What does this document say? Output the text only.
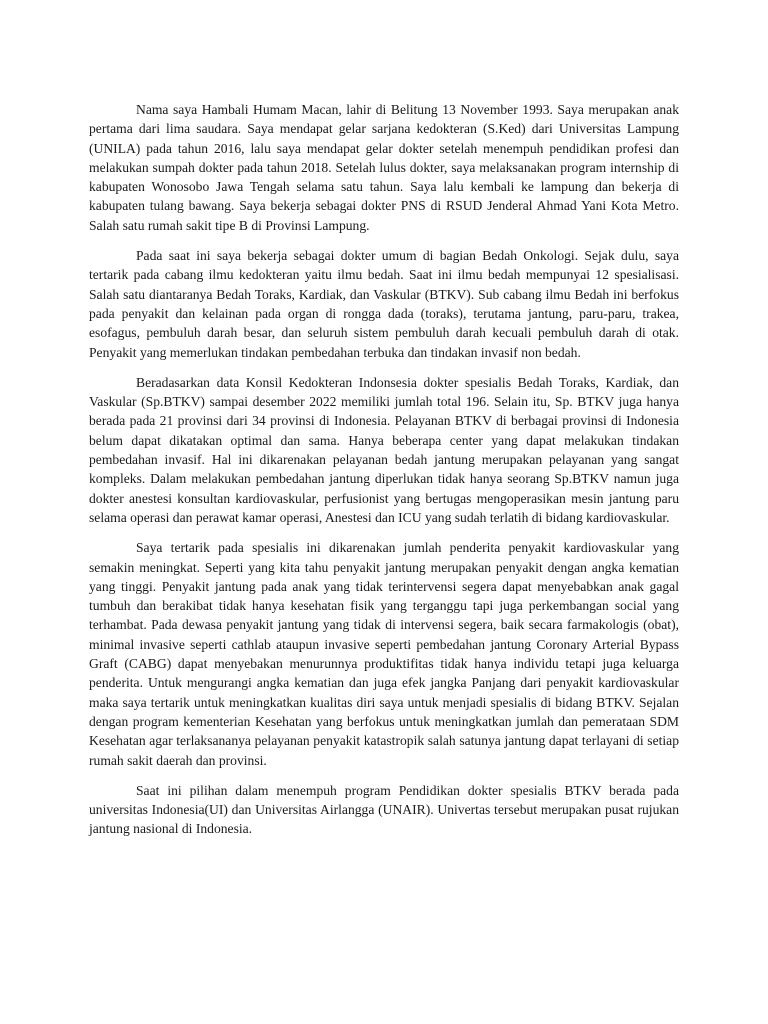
Nama saya Hambali Humam Macan, lahir di Belitung 13 November 1993. Saya merupakan anak pertama dari lima saudara. Saya mendapat gelar sarjana kedokteran (S.Ked) dari Universitas Lampung (UNILA) pada tahun 2016, lalu saya mendapat gelar dokter setelah menempuh pendidikan profesi dan melakukan sumpah dokter pada tahun 2018. Setelah lulus dokter, saya melaksanakan program internship di kabupaten Wonosobo Jawa Tengah selama satu tahun. Saya lalu kembali ke lampung dan bekerja di kabupaten tulang bawang. Saya bekerja sebagai dokter PNS di RSUD Jenderal Ahmad Yani Kota Metro. Salah satu rumah sakit tipe B di Provinsi Lampung.

Pada saat ini saya bekerja sebagai dokter umum di bagian Bedah Onkologi. Sejak dulu, saya tertarik pada cabang ilmu kedokteran yaitu ilmu bedah. Saat ini ilmu bedah mempunyai 12 spesialisasi. Salah satu diantaranya Bedah Toraks, Kardiak, dan Vaskular (BTKV). Sub cabang ilmu Bedah ini berfokus pada penyakit dan kelainan pada organ di rongga dada (toraks), terutama jantung, paru-paru, trakea, esofagus, pembuluh darah besar, dan seluruh sistem pembuluh darah kecuali pembuluh darah di otak. Penyakit yang memerlukan tindakan pembedahan terbuka dan tindakan invasif non bedah.

Beradasarkan data Konsil Kedokteran Indonsesia dokter spesialis Bedah Toraks, Kardiak, dan Vaskular (Sp.BTKV) sampai desember 2022 memiliki jumlah total 196. Selain itu, Sp. BTKV juga hanya berada pada 21 provinsi dari 34 provinsi di Indonesia. Pelayanan BTKV di berbagai provinsi di Indonesia belum dapat dikatakan optimal dan sama. Hanya beberapa center yang dapat melakukan tindakan pembedahan invasif. Hal ini dikarenakan pelayanan bedah jantung merupakan pelayanan yang sangat kompleks. Dalam melakukan pembedahan jantung diperlukan tidak hanya seorang Sp.BTKV namun juga dokter anestesi konsultan kardiovaskular, perfusionist yang bertugas mengoperasikan mesin jantung paru selama operasi dan perawat kamar operasi, Anestesi dan ICU yang sudah terlatih di bidang kardiovaskular.

Saya tertarik pada spesialis ini dikarenakan jumlah penderita penyakit kardiovaskular yang semakin meningkat. Seperti yang kita tahu penyakit jantung merupakan penyakit dengan angka kematian yang tinggi. Penyakit jantung pada anak yang tidak terintervensi segera dapat menyebabkan anak gagal tumbuh dan berakibat tidak hanya kesehatan fisik yang terganggu tapi juga perkembangan social yang terhambat. Pada dewasa penyakit jantung yang tidak di intervensi segera, baik secara farmakologis (obat), minimal invasive seperti cathlab ataupun invasive seperti pembedahan jantung Coronary Arterial Bypass Graft (CABG) dapat menyebakan menurunnya produktifitas tidak hanya individu tetapi juga keluarga penderita. Untuk mengurangi angka kematian dan juga efek jangka Panjang dari penyakit kardiovaskular maka saya tertarik untuk meningkatkan kualitas diri saya untuk menjadi spesialis di bidang BTKV. Sejalan dengan program kementerian Kesehatan yang berfokus untuk meningkatkan jumlah dan pemerataan SDM Kesehatan agar terlaksananya pelayanan penyakit katastropik salah satunya jantung dapat terlayani di setiap rumah sakit daerah dan provinsi.

Saat ini pilihan dalam menempuh program Pendidikan dokter spesialis BTKV berada pada universitas Indonesia(UI) dan Universitas Airlangga (UNAIR). Univertas tersebut merupakan pusat rujukan jantung nasional di Indonesia.
